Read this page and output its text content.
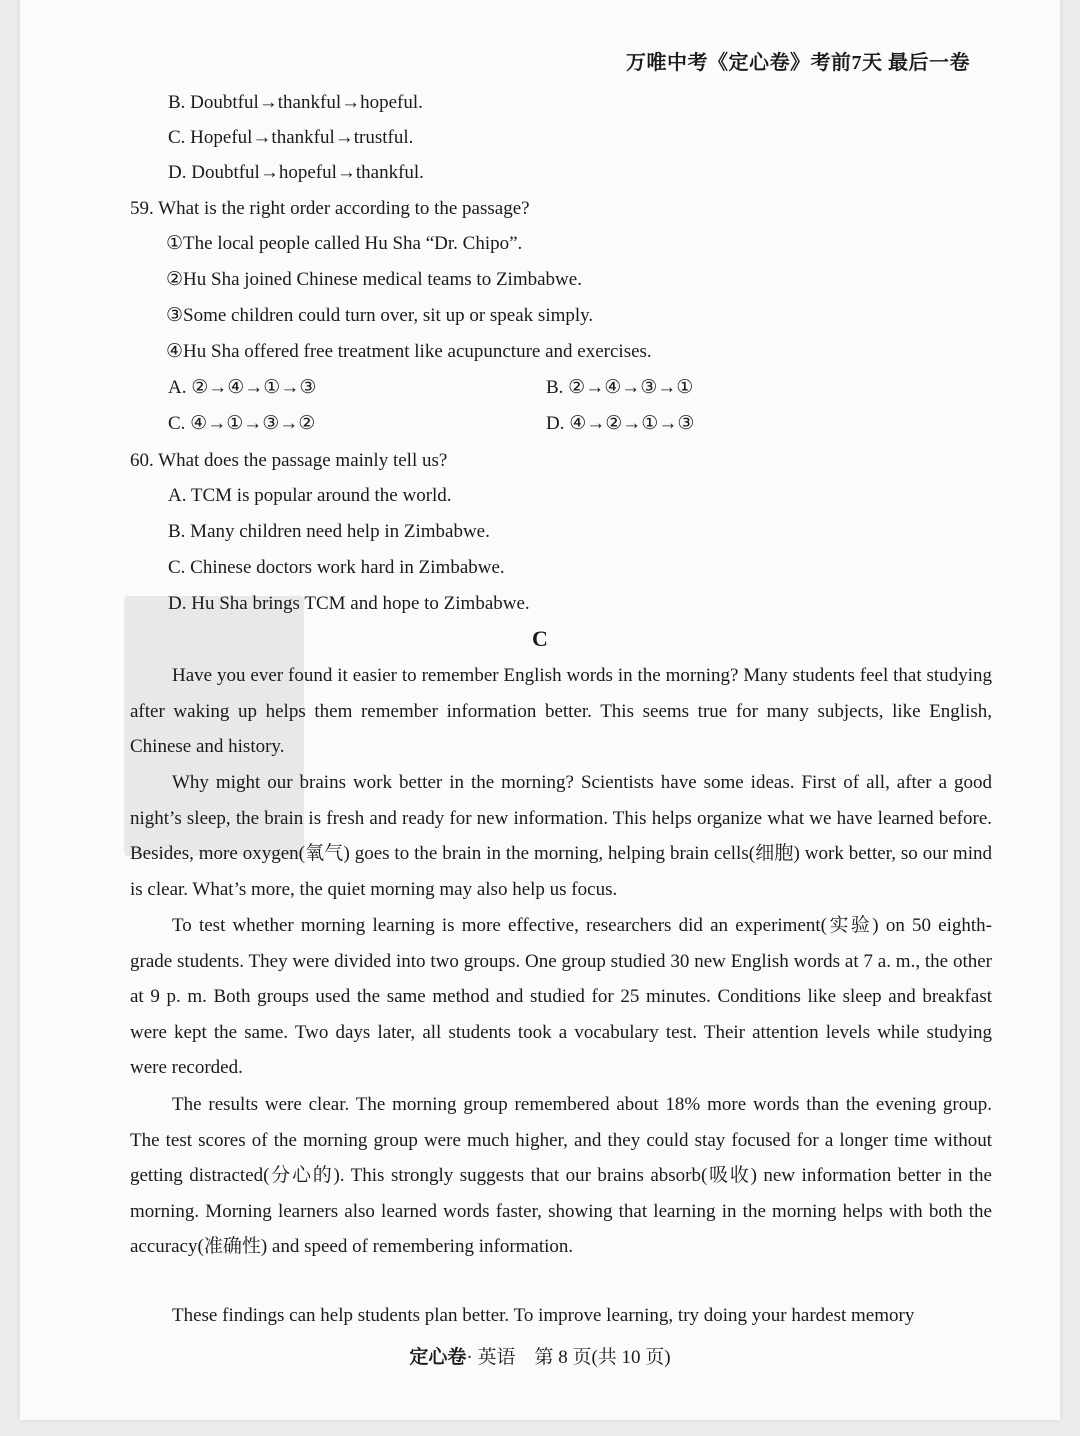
万唯中考《定心卷》考前7天 最后一卷
B. Doubtful→thankful→hopeful.
C. Hopeful→thankful→trustful.
D. Doubtful→hopeful→thankful.
59. What is the right order according to the passage?
①The local people called Hu Sha “Dr. Chipo”.
②Hu Sha joined Chinese medical teams to Zimbabwe.
③Some children could turn over, sit up or speak simply.
④Hu Sha offered free treatment like acupuncture and exercises.
A. ②→④→①→③	B. ②→④→③→①
C. ④→①→③→②	D. ④→②→①→③
60. What does the passage mainly tell us?
A. TCM is popular around the world.
B. Many children need help in Zimbabwe.
C. Chinese doctors work hard in Zimbabwe.
D. Hu Sha brings TCM and hope to Zimbabwe.
C
Have you ever found it easier to remember English words in the morning? Many students feel that studying after waking up helps them remember information better. This seems true for many subjects, like English, Chinese and history.
Why might our brains work better in the morning? Scientists have some ideas. First of all, after a good night’s sleep, the brain is fresh and ready for new information. This helps organize what we have learned before. Besides, more oxygen(氧气) goes to the brain in the morning, helping brain cells(细胞) work better, so our mind is clear. What’s more, the quiet morning may also help us focus.
To test whether morning learning is more effective, researchers did an experiment(实验) on 50 eighth-grade students. They were divided into two groups. One group studied 30 new English words at 7 a. m., the other at 9 p. m. Both groups used the same method and studied for 25 minutes. Conditions like sleep and breakfast were kept the same. Two days later, all students took a vocabulary test. Their attention levels while studying were recorded.
The results were clear. The morning group remembered about 18% more words than the evening group. The test scores of the morning group were much higher, and they could stay focused for a longer time without getting distracted(分心的). This strongly suggests that our brains absorb(吸收) new information better in the morning. Morning learners also learned words faster, showing that learning in the morning helps with both the accuracy(准确性) and speed of remembering information.
These findings can help students plan better. To improve learning, try doing your hardest memory
定心卷· 英语　第 8 页(共 10 页)
